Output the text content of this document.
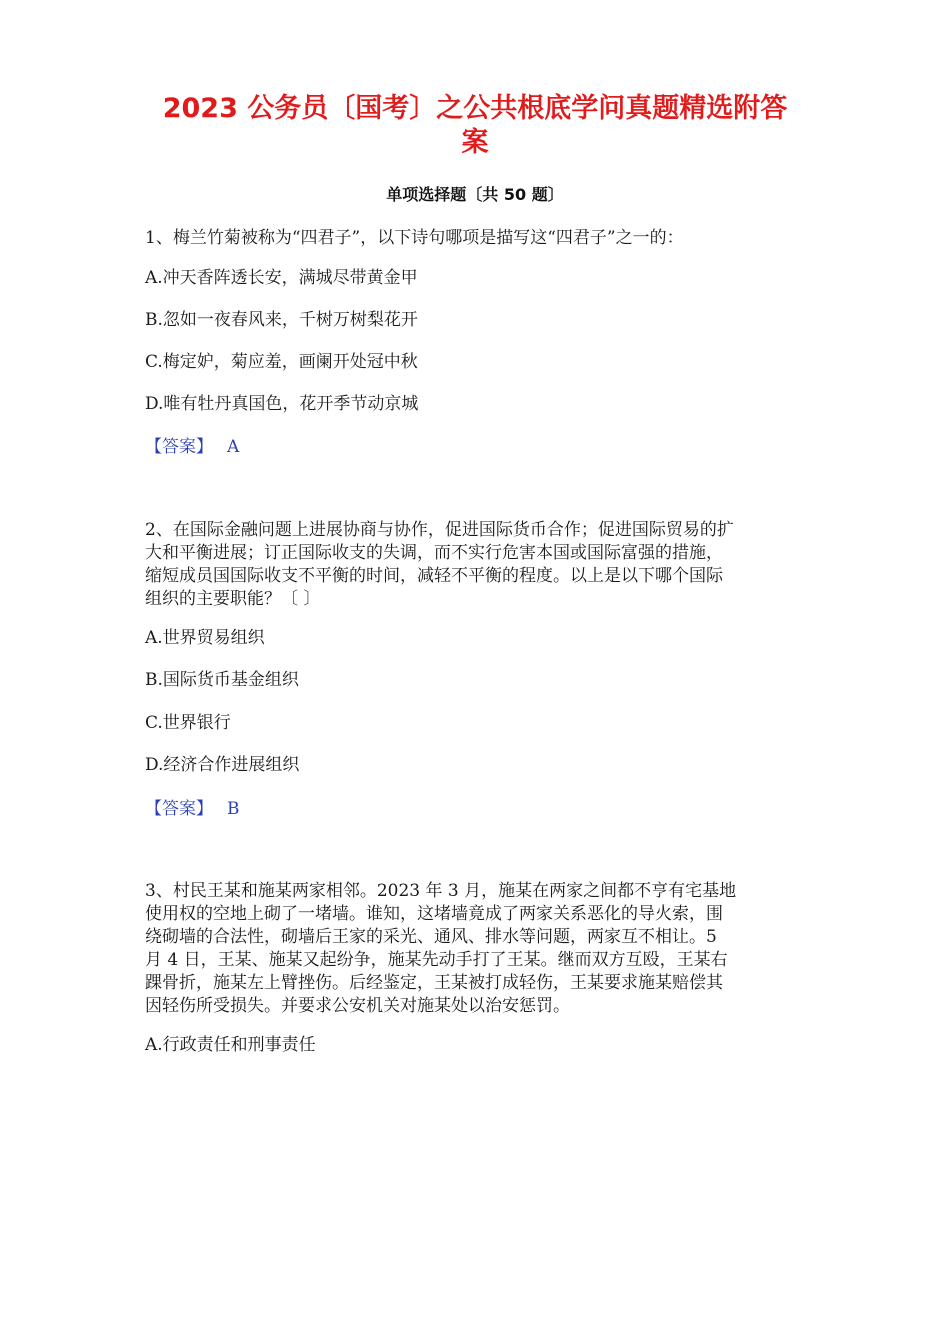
2023 公务员〔国考〕之公共根底学问真题精选附答
案
单项选择题〔共 50 题〕
1、梅兰竹菊被称为“四君子”，以下诗句哪项是描写这“四君子”之一的：
A.冲天香阵透长安，满城尽带黄金甲
B.忽如一夜春风来，千树万树梨花开
C.梅定妒，菊应羞，画阑开处冠中秋
D.唯有牡丹真国色，花开季节动京城
【答案】 A
2、在国际金融问题上进展协商与协作，促进国际货币合作；促进国际贸易的扩
大和平衡进展；订正国际收支的失调，而不实行危害本国或国际富强的措施，
缩短成员国国际收支不平衡的时间，减轻不平衡的程度。以上是以下哪个国际
组织的主要职能？〔 〕
A.世界贸易组织
B.国际货币基金组织
C.世界银行
D.经济合作进展组织
【答案】 B
3、村民王某和施某两家相邻。2023 年 3 月，施某在两家之间都不亨有宅基地
使用权的空地上砌了一堵墙。谁知，这堵墙竟成了两家关系恶化的导火索，围
绕砌墙的合法性，砌墙后王家的采光、通风、排水等问题，两家互不相让。5
月 4 日，王某、施某又起纷争，施某先动手打了王某。继而双方互殴，王某右
踝骨折，施某左上臂挫伤。后经鉴定，王某被打成轻伤，王某要求施某赔偿其
因轻伤所受损失。并要求公安机关对施某处以治安惩罚。
A.行政责任和刑事责任
